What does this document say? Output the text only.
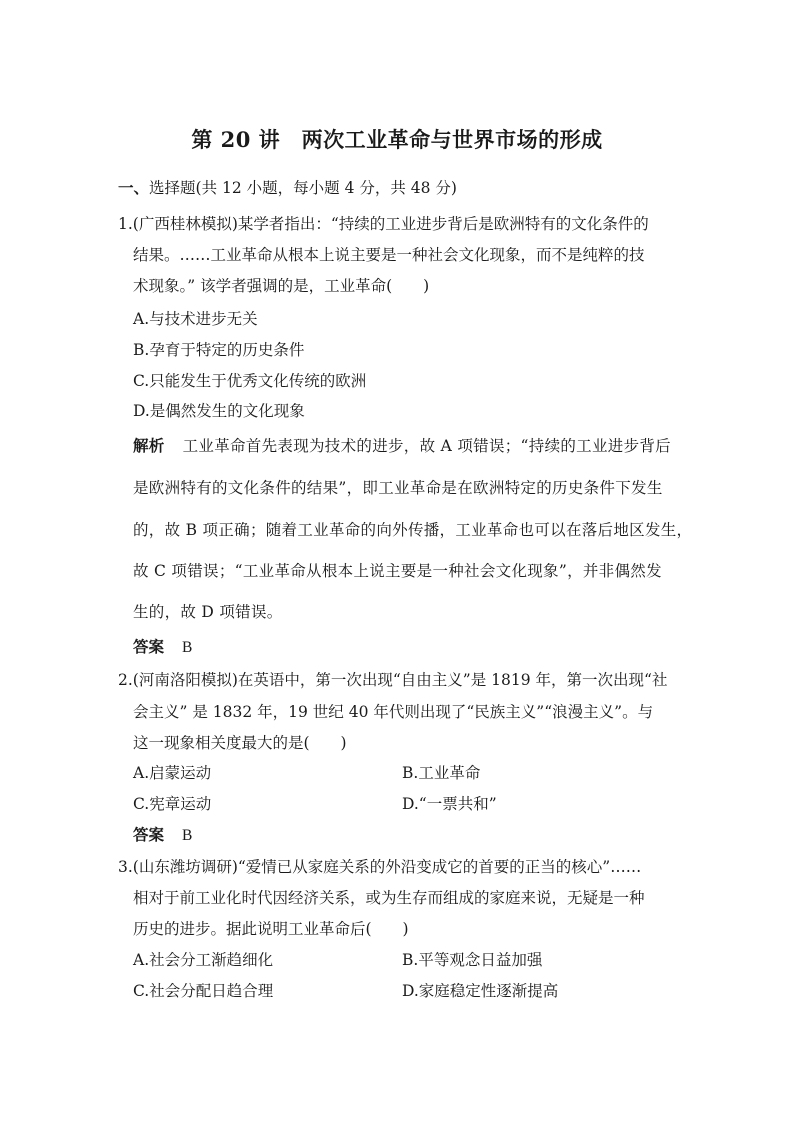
第 20 讲　两次工业革命与世界市场的形成
一、选择题(共 12 小题，每小题 4 分，共 48 分)
1.(广西桂林模拟)某学者指出：“持续的工业进步背后是欧洲特有的文化条件的
结果。……工业革命从根本上说主要是一种社会文化现象，而不是纯粹的技
术现象。” 该学者强调的是，工业革命(　　)
A.与技术进步无关
B.孕育于特定的历史条件
C.只能发生于优秀文化传统的欧洲
D.是偶然发生的文化现象
解析 工业革命首先表现为技术的进步，故 A 项错误；“持续的工业进步背后
是欧洲特有的文化条件的结果”，即工业革命是在欧洲特定的历史条件下发生
的，故 B 项正确；随着工业革命的向外传播，工业革命也可以在落后地区发生，
故 C 项错误；“工业革命从根本上说主要是一种社会文化现象”，并非偶然发
生的，故 D 项错误。
答案 B
2.(河南洛阳模拟)在英语中，第一次出现“自由主义”是 1819 年，第一次出现“社
会主义” 是 1832 年，19 世纪 40 年代则出现了“民族主义”“浪漫主义”。与
这一现象相关度最大的是(　　)
A.启蒙运动	B.工业革命
C.宪章运动	D.“一票共和”
答案 B
3.(山东潍坊调研)“爱情已从家庭关系的外沿变成它的首要的正当的核心”……
相对于前工业化时代因经济关系，或为生存而组成的家庭来说，无疑是一种
历史的进步。据此说明工业革命后(　　)
A.社会分工渐趋细化	B.平等观念日益加强
C.社会分配日趋合理	D.家庭稳定性逐渐提高
